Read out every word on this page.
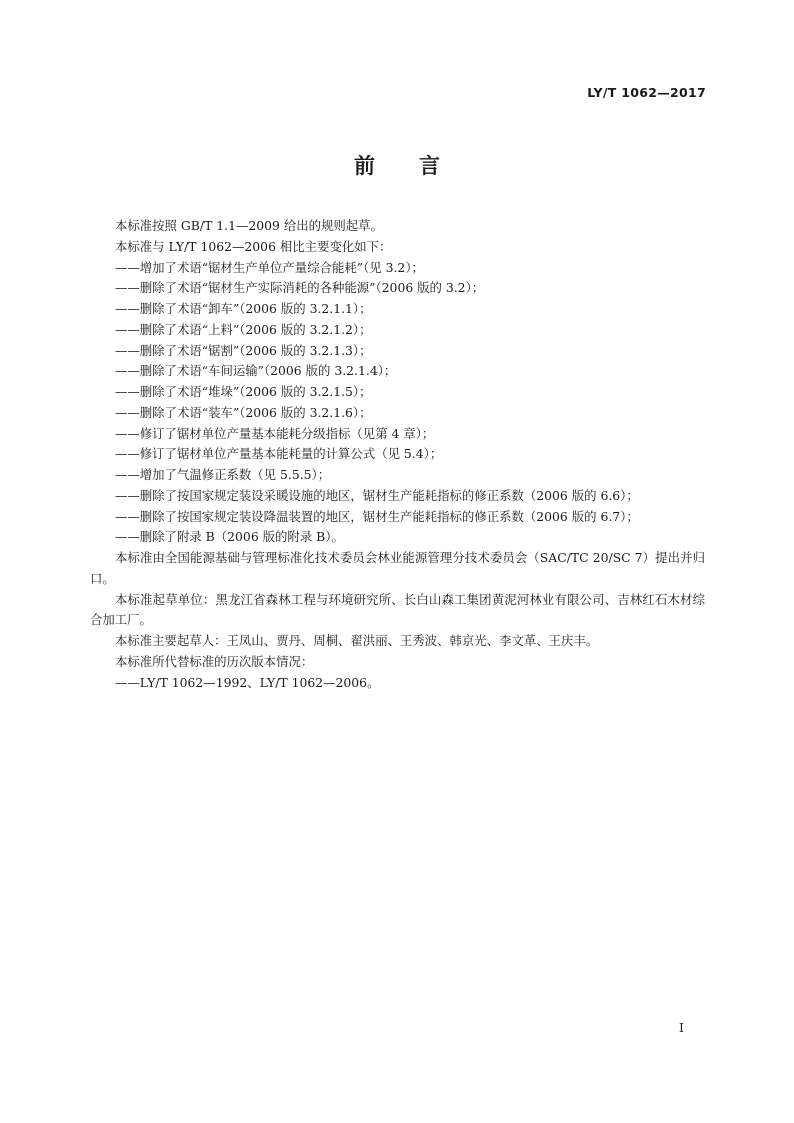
LY/T 1062—2017
前 言

本标准按照 GB/T 1.1—2009 给出的规则起草。

本标准与 LY/T 1062—2006 相比主要变化如下：

——增加了术语“锯材生产单位产量综合能耗”（见 3.2）；

——删除了术语“锯材生产实际消耗的各种能源”（2006 版的 3.2）；

——删除了术语“卸车”（2006 版的 3.2.1.1）；

——删除了术语“上料”（2006 版的 3.2.1.2）；

——删除了术语“锯割”（2006 版的 3.2.1.3）；

——删除了术语“车间运输”（2006 版的 3.2.1.4）；

——删除了术语“堆垛”（2006 版的 3.2.1.5）；

——删除了术语“装车”（2006 版的 3.2.1.6）；

——修订了锯材单位产量基本能耗分级指标（见第 4 章）；

——修订了锯材单位产量基本能耗量的计算公式（见 5.4）；

——增加了气温修正系数（见 5.5.5）；

——删除了按国家规定装设采暖设施的地区，锯材生产能耗指标的修正系数（2006 版的 6.6）；

——删除了按国家规定装设降温装置的地区，锯材生产能耗指标的修正系数（2006 版的 6.7）；

——删除了附录 B（2006 版的附录 B）。

本标准由全国能源基础与管理标准化技术委员会林业能源管理分技术委员会（SAC/TC 20/SC 7）提出并归口。

本标准起草单位：黑龙江省森林工程与环境研究所、长白山森工集团黄泥河林业有限公司、吉林红石木材综合加工厂。

本标准主要起草人：王凤山、贾丹、周桐、翟洪丽、王秀波、韩京光、李文革、王庆丰。

本标准所代替标准的历次版本情况：

——LY/T 1062—1992、LY/T 1062—2006。

I
